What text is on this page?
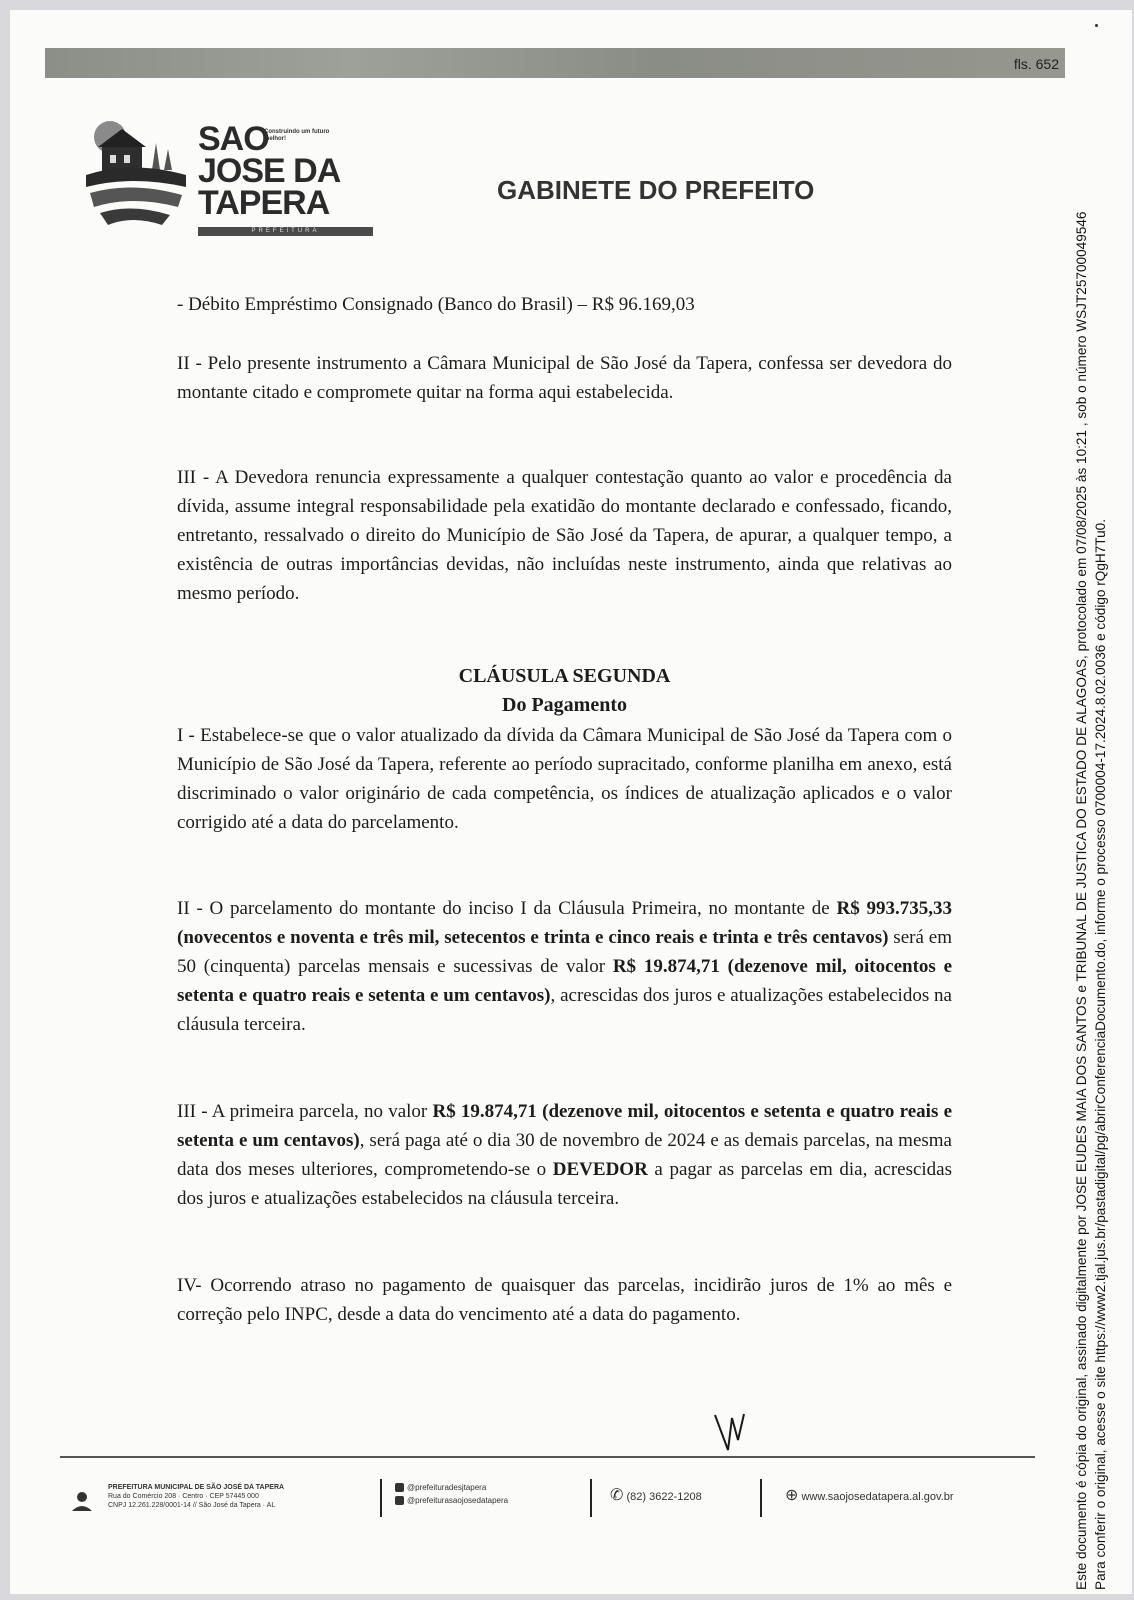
fls. 652
SAO
JOSE DA
TAPERA
Construindo um futuro melhor!
PREFEITURA
GABINETE DO PREFEITO
- Débito Empréstimo Consignado (Banco do Brasil) – R$ 96.169,03
II - Pelo presente instrumento a Câmara Municipal de São José da Tapera, confessa ser devedora do montante citado e compromete quitar na forma aqui estabelecida.
III - A Devedora renuncia expressamente a qualquer contestação quanto ao valor e procedência da dívida, assume integral responsabilidade pela exatidão do montante declarado e confessado, ficando, entretanto, ressalvado o direito do Município de São José da Tapera, de apurar, a qualquer tempo, a existência de outras importâncias devidas, não incluídas neste instrumento, ainda que relativas ao mesmo período.
CLÁUSULA SEGUNDA
Do Pagamento
I - Estabelece-se que o valor atualizado da dívida da Câmara Municipal de São José da Tapera com o Município de São José da Tapera, referente ao período supracitado, conforme planilha em anexo, está discriminado o valor originário de cada competência, os índices de atualização aplicados e o valor corrigido até a data do parcelamento.
II - O parcelamento do montante do inciso I da Cláusula Primeira, no montante de R$ 993.735,33 (novecentos e noventa e três mil, setecentos e trinta e cinco reais e trinta e três centavos) será em 50 (cinquenta) parcelas mensais e sucessivas de valor R$ 19.874,71 (dezenove mil, oitocentos e setenta e quatro reais e setenta e um centavos), acrescidas dos juros e atualizações estabelecidos na cláusula terceira.
III - A primeira parcela, no valor R$ 19.874,71 (dezenove mil, oitocentos e setenta e quatro reais e setenta e um centavos), será paga até o dia 30 de novembro de 2024 e as demais parcelas, na mesma data dos meses ulteriores, comprometendo-se o DEVEDOR a pagar as parcelas em dia, acrescidas dos juros e atualizações estabelecidos na cláusula terceira.
IV- Ocorrendo atraso no pagamento de quaisquer das parcelas, incidirão juros de 1% ao mês e correção pelo INPC, desde a data do vencimento até a data do pagamento.
PREFEITURA MUNICIPAL DE SÃO JOSÉ DA TAPERA
Rua do Comércio 208 · Centro · CEP 57445 000
CNPJ 12.261.228/0001-14 // São José da Tapera · AL
@prefeituradesjtapera
@prefeiturasaojosedatapera	✆ (82) 3622-1208	⊕ www.saojosedatapera.al.gov.br	Este documento é cópia do original, assinado digitalmente por JOSE EUDES MAIA DOS SANTOS e TRIBUNAL DE JUSTICA DO ESTADO DE ALAGOAS, protocolado em 07/08/2025 às 10:21 , sob o número WSJT25700049546 Para conferir o original, acesse o site https://www2.tjal.jus.br/pastadigital/pg/abrirConferenciaDocumento.do, informe o processo 0700004-17.2024.8.02.0036 e código rQgH7Tu0.
